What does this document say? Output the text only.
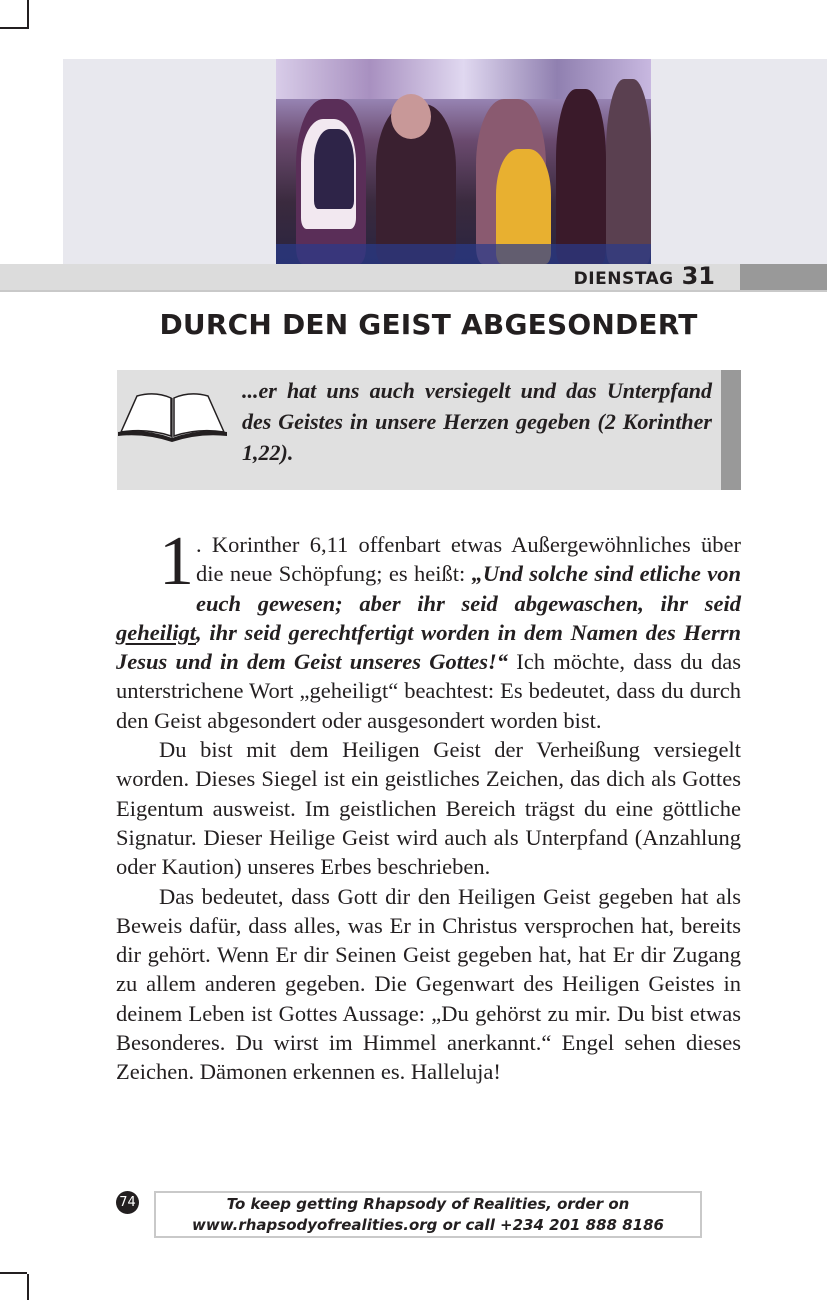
DIENSTAG 31
DURCH DEN GEIST ABGESONDERT
...er hat uns auch versiegelt und das Unterpfand des Geistes in unsere Herzen gegeben (2 Korinther 1,22).

1 . Korinther 6,11 offenbart etwas Außergewöhnliches über die neue Schöpfung; es heißt: „Und solche sind etliche von euch gewesen; aber ihr seid abgewaschen, ihr seid geheiligt, ihr seid gerechtfertigt worden in dem Namen des Herrn Jesus und in dem Geist unseres Gottes!“ Ich möchte, dass du das unterstrichene Wort „geheiligt“ beachtest: Es bedeutet, dass du durch den Geist abgesondert oder ausgesondert worden bist.

Du bist mit dem Heiligen Geist der Verheißung versiegelt worden. Dieses Siegel ist ein geistliches Zeichen, das dich als Gottes Eigentum ausweist. Im geistlichen Bereich trägst du eine göttliche Signatur. Dieser Heilige Geist wird auch als Unterpfand (Anzahlung oder Kaution) unseres Erbes beschrieben.

Das bedeutet, dass Gott dir den Heiligen Geist gegeben hat als Beweis dafür, dass alles, was Er in Christus versprochen hat, bereits dir gehört. Wenn Er dir Seinen Geist gegeben hat, hat Er dir Zugang zu allem anderen gegeben. Die Gegenwart des Heiligen Geistes in deinem Leben ist Gottes Aussage: „Du gehörst zu mir. Du bist etwas Besonderes. Du wirst im Himmel anerkannt.“ Engel sehen dieses Zeichen. Dämonen erkennen es. Halleluja!

74	To keep getting Rhapsody of Realities, order on
www.rhapsodyofrealities.org or call +234 201 888 8186
